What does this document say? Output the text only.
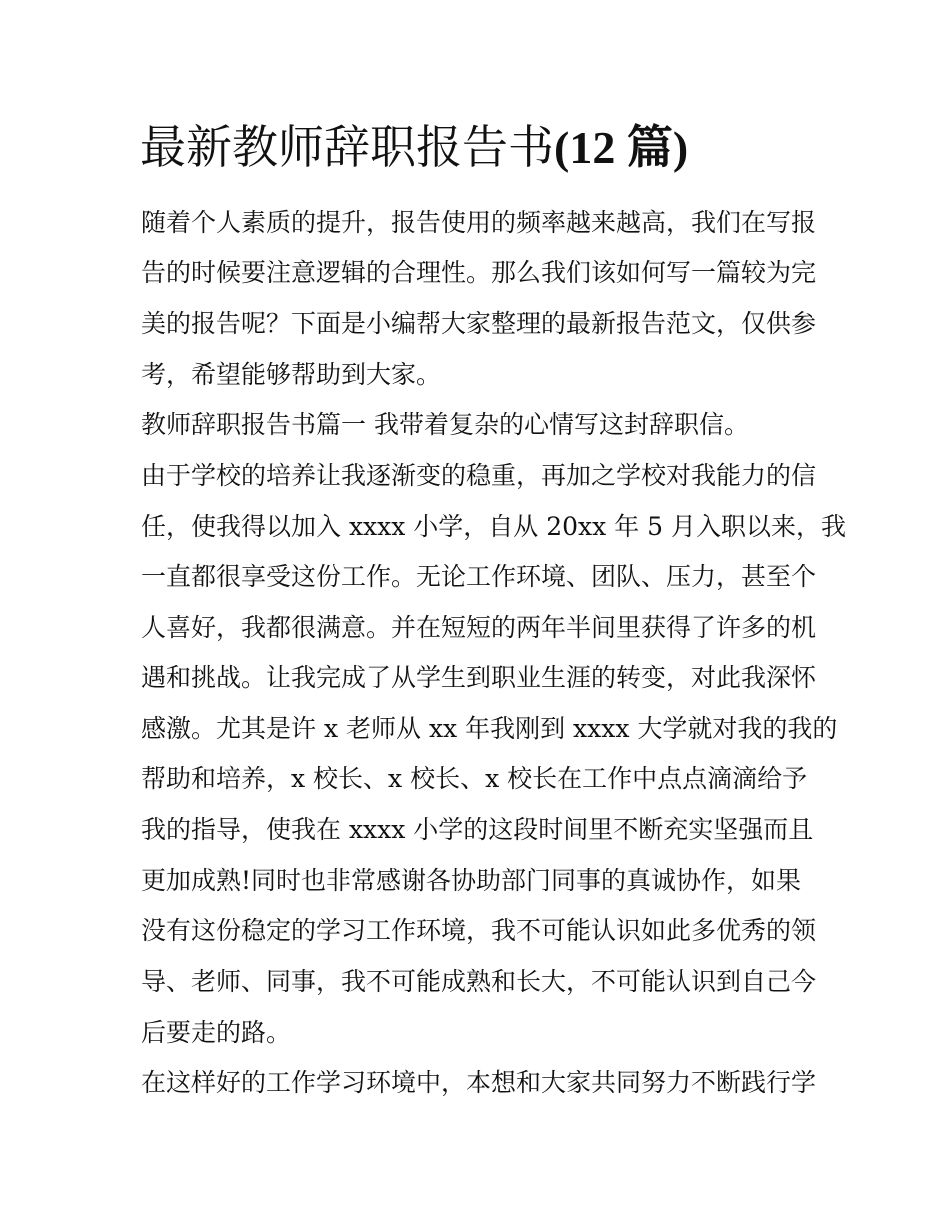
最新教师辞职报告书(12 篇)

随着个人素质的提升，报告使用的频率越来越高，我们在写报

告的时候要注意逻辑的合理性。那么我们该如何写一篇较为完

美的报告呢？下面是小编帮大家整理的最新报告范文，仅供参

考，希望能够帮助到大家。

教师辞职报告书篇一 我带着复杂的心情写这封辞职信。

由于学校的培养让我逐渐变的稳重，再加之学校对我能力的信

任，使我得以加入 xxxx 小学，自从 20xx 年 5 月入职以来，我

一直都很享受这份工作。无论工作环境、团队、压力，甚至个

人喜好，我都很满意。并在短短的两年半间里获得了许多的机

遇和挑战。让我完成了从学生到职业生涯的转变，对此我深怀

感激。尤其是许 x 老师从 xx 年我刚到 xxxx 大学就对我的我的

帮助和培养，x 校长、x 校长、x 校长在工作中点点滴滴给予

我的指导，使我在 xxxx 小学的这段时间里不断充实坚强而且

更加成熟!同时也非常感谢各协助部门同事的真诚协作，如果

没有这份稳定的学习工作环境，我不可能认识如此多优秀的领

导、老师、同事，我不可能成熟和长大，不可能认识到自己今

后要走的路。

在这样好的工作学习环境中，本想和大家共同努力不断践行学
